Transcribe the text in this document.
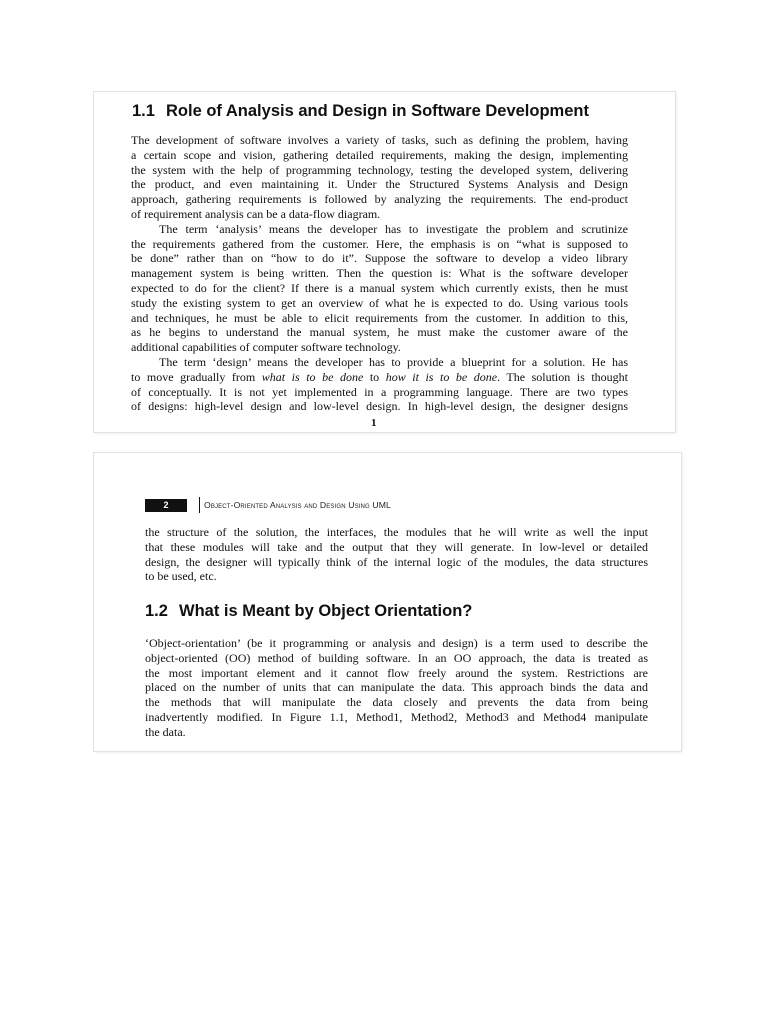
1.1 Role of Analysis and Design in Software Development
The development of software involves a variety of tasks, such as defining the problem, having
a certain scope and vision, gathering detailed requirements, making the design, implementing
the system with the help of programming technology, testing the developed system, delivering
the product, and even maintaining it. Under the Structured Systems Analysis and Design
approach, gathering requirements is followed by analyzing the requirements. The end-product
of requirement analysis can be a data-flow diagram.
The term ‘analysis’ means the developer has to investigate the problem and scrutinize
the requirements gathered from the customer. Here, the emphasis is on “what is supposed to
be done” rather than on “how to do it”. Suppose the software to develop a video library
management system is being written. Then the question is: What is the software developer
expected to do for the client? If there is a manual system which currently exists, then he must
study the existing system to get an overview of what he is expected to do. Using various tools
and techniques, he must be able to elicit requirements from the customer. In addition to this,
as he begins to understand the manual system, he must make the customer aware of the
additional capabilities of computer software technology.
The term ‘design’ means the developer has to provide a blueprint for a solution. He has
to move gradually from what is to be done to how it is to be done. The solution is thought
of conceptually. It is not yet implemented in a programming language. There are two types
of designs: high-level design and low-level design. In high-level design, the designer designs
1
2	Object-Oriented Analysis and Design Using UML
the structure of the solution, the interfaces, the modules that he will write as well the input
that these modules will take and the output that they will generate. In low-level or detailed
design, the designer will typically think of the internal logic of the modules, the data structures
to be used, etc.
1.2 What is Meant by Object Orientation?
‘Object-orientation’ (be it programming or analysis and design) is a term used to describe the
object-oriented (OO) method of building software. In an OO approach, the data is treated as
the most important element and it cannot flow freely around the system. Restrictions are
placed on the number of units that can manipulate the data. This approach binds the data and
the methods that will manipulate the data closely and prevents the data from being
inadvertently modified. In Figure 1.1, Method1, Method2, Method3 and Method4 manipulate
the data.
